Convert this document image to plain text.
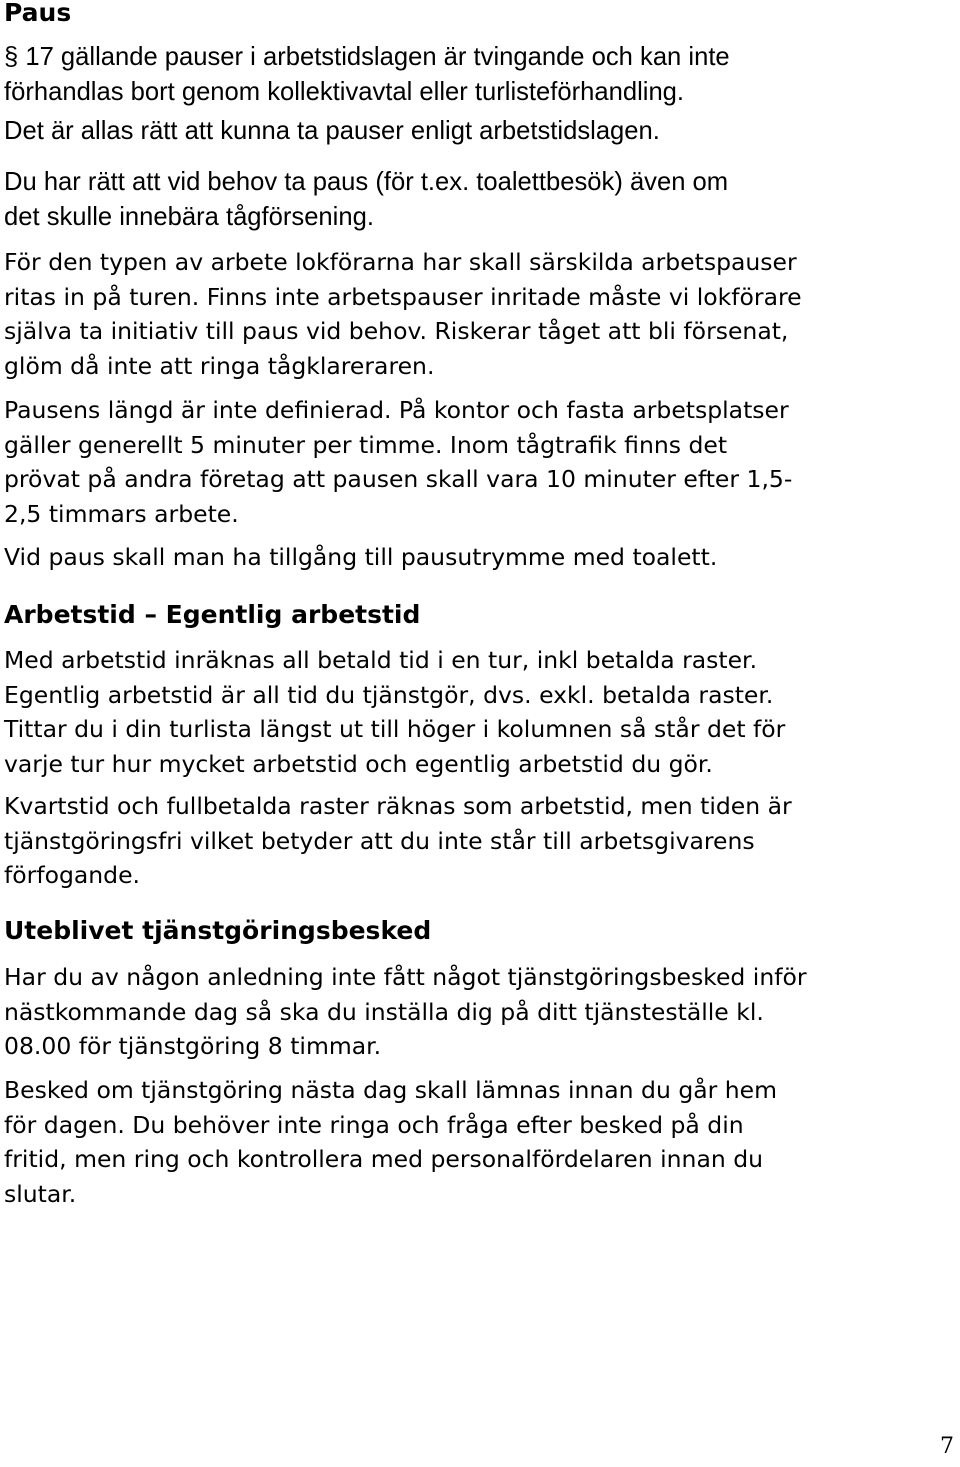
Paus

§ 17 gällande pauser i arbetstidslagen är tvingande och kan inte
förhandlas bort genom kollektivavtal eller turlisteförhandling.

Det är allas rätt att kunna ta pauser enligt arbetstidslagen.

Du har rätt att vid behov ta paus (för t.ex. toalettbesök) även om
det skulle innebära tågförsening.

För den typen av arbete lokförarna har skall särskilda arbetspauser
ritas in på turen. Finns inte arbetspauser inritade måste vi lokförare
själva ta initiativ till paus vid behov. Riskerar tåget att bli försenat,
glöm då inte att ringa tågklareraren.

Pausens längd är inte definierad. På kontor och fasta arbetsplatser
gäller generellt 5 minuter per timme. Inom tågtrafik finns det
prövat på andra företag att pausen skall vara 10 minuter efter 1,5-
2,5 timmars arbete.

Vid paus skall man ha tillgång till pausutrymme med toalett.

Arbetstid – Egentlig arbetstid

Med arbetstid inräknas all betald tid i en tur, inkl betalda raster.
Egentlig arbetstid är all tid du tjänstgör, dvs. exkl. betalda raster.
Tittar du i din turlista längst ut till höger i kolumnen så står det för
varje tur hur mycket arbetstid och egentlig arbetstid du gör.

Kvartstid och fullbetalda raster räknas som arbetstid, men tiden är
tjänstgöringsfri vilket betyder att du inte står till arbetsgivarens
förfogande.

Uteblivet tjänstgöringsbesked

Har du av någon anledning inte fått något tjänstgöringsbesked inför
nästkommande dag så ska du inställa dig på ditt tjänsteställe kl.
08.00 för tjänstgöring 8 timmar.

Besked om tjänstgöring nästa dag skall lämnas innan du går hem
för dagen. Du behöver inte ringa och fråga efter besked på din
fritid, men ring och kontrollera med personalfördelaren innan du
slutar.

7
